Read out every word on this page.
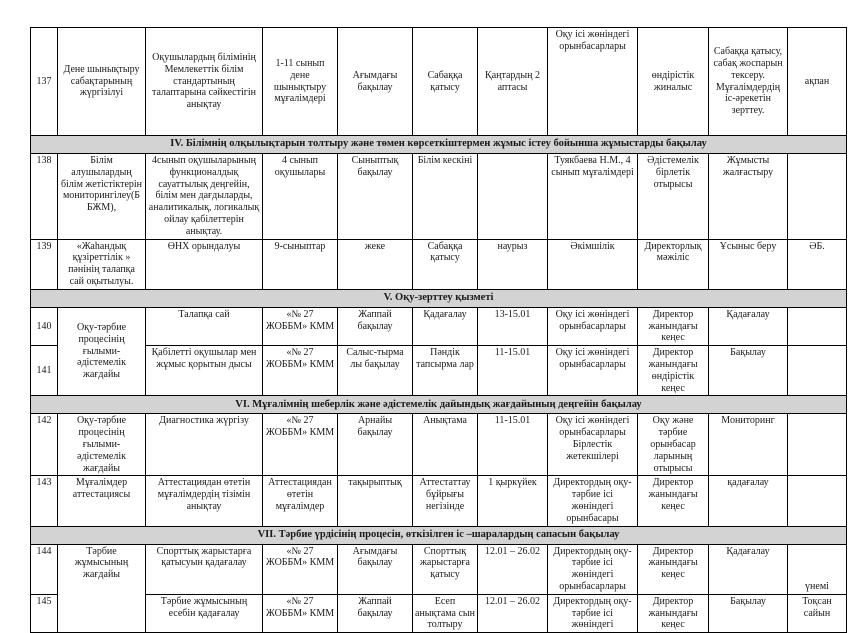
137	Дене шынықтыру сабақтарының жүргізілуі	Оқушылардың білімінің Мемлекеттік білім стандартының талаптарына сәйкестігін анықтау	1-11 сынып дене шынықтыру мұғалімдері	Ағымдағы бақылау	Сабаққа қатысу	Қаңтардың 2 аптасы	Оқу ісі жөніндегі орынбасарлары	өндірістік жиналыс	Сабаққа қатысу, сабақ жоспарын тексеру. Мұғалімдердің іс-әрекетін зерттеу.	ақпан
IV. Білімнің олқылықтарын толтыру және төмен көрсеткіштермен жұмыс істеу бойынша жұмыстарды бақылау										
138	Білім алушылардың білім жетістіктерін мониторингілеу(Б БЖМ),	4сынып оқушыларының функционалдық сауаттылық деңгейін, білім мен дағдыларды, аналитикалық, логикалық ойлау қабілеттерін анықтау.	4 сынып оқушылары	Сыныптық бақылау	Білім кескіні		Туякбаева Н.М., 4 сынып мұғалімдері	Әдістемелік бірлетік отырысы	Жұмысты жалғастыру	
139	«Жаһандық құзіреттілік » пәнінің талапқа сай оқытылуы.	ӨНХ орындалуы	9-сыныптар	жеке	Сабаққа қатысу	наурыз	Әкімшілік	Директорлық мәжіліс	Ұсыныс беру	ӘБ.
V. Оқу-зерттеу қызметі										
140	Оқу-тәрбие процесінің ғылыми-әдістемелік жағдайы	Талапқа сай	«№ 27 ЖОББМ» КММ	Жаппай бақылау	Қадағалау	13-15.01	Оқу ісі жөніндегі орынбасарлары	Директор жанындағы кеңес	Қадағалау	
141		Қабілетті оқушылар мен жұмыс қорытын дысы	«№ 27 ЖОББМ» КММ	Салыс-тырма лы бақылау	Пәндік тапсырма лар	11-15.01	Оқу ісі жөніндегі орынбасарлары	Директор жанындағы өндірістік кеңес	Бақылау	
VI. Мұғалімнің шеберлік және әдістемелік дайындық жағдайының деңгейін бақылау										
142	Оқу-тәрбие процесінің ғылыми-әдістемелік жағдайы	Диагностика жүргізу	«№ 27 ЖОББМ» КММ	Арнайы бақылау	Анықтама	11-15.01	Оқу ісі жөніндегі орынбасарлары Бірлестік жетекшілері	Оқу және тәрбие орынбасар ларының отырысы	Мониторинг	
143	Мұғалімдер аттестациясы	Аттестациядан өтетін мұғалімдердің тізімін анықтау	Аттестациядан өтетін мұғалімдер	тақырыптық	Аттестаттау бұйрығы негізінде	1 қыркүйек	Директордың оқу-тәрбие ісі жөніндегі орынбасары	Директор жанындағы кеңес	қадағалау	
VII. Тәрбие үрдісінің процесін, өткізілген іс –шаралардың сапасын бақылау										
144	Тәрбие жұмысының жағдайы	Спорттық жарыстарға қатысуын қадағалау	«№ 27 ЖОББМ» КММ	Ағымдағы бақылау	Спорттық жарыстарға қатысу	12.01 – 26.02	Директордың оқу-тәрбие ісі жөніндегі орынбасарлары	Директор жанындағы кеңес	Қадағалау	үнемі
145		Тәрбие жұмысының есебін қадағалау	«№ 27 ЖОББМ» КММ	Жаппай бақылау	Есеп анықтама сын толтыру	12.01 – 26.02	Директордың оқу-тәрбие ісі жөніндегі	Директор жанындағы кеңес	Бақылау	Тоқсан сайын
